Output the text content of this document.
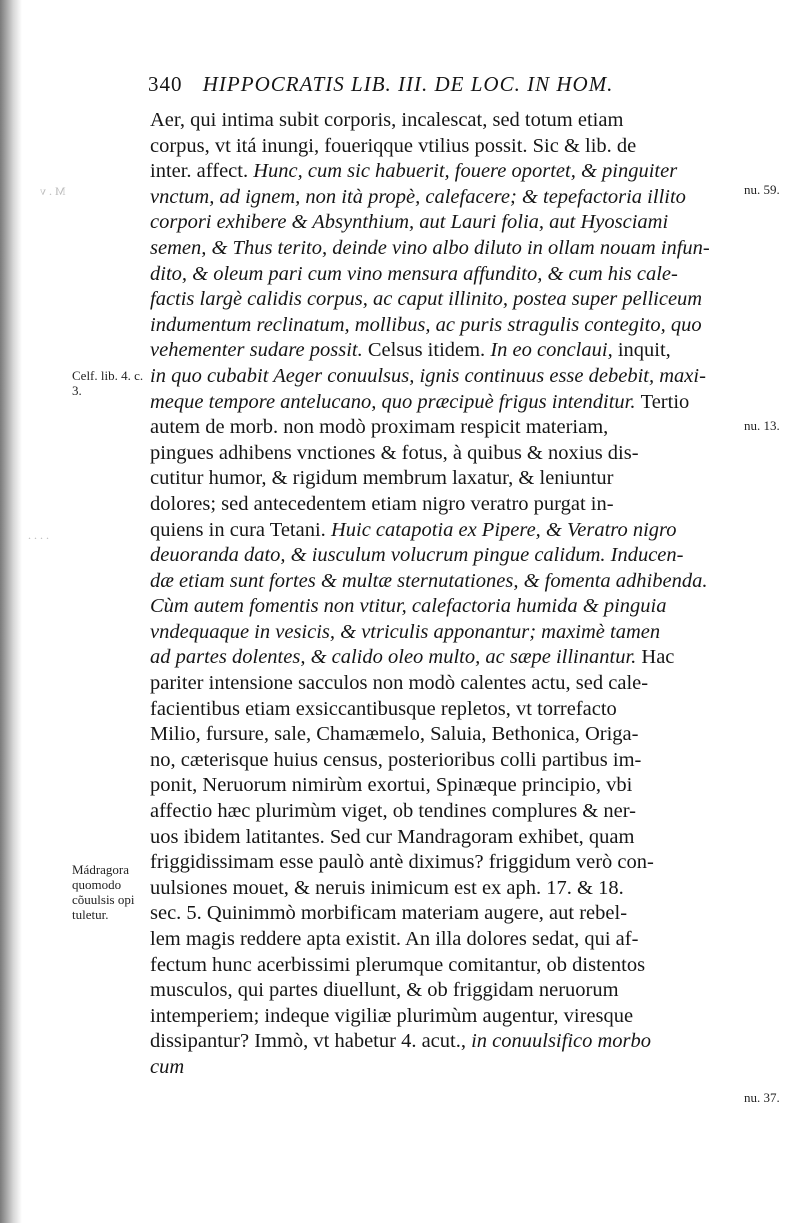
340 HIPPOCRATIS LIB. III. DE LOC. IN HOM.
Aer, qui intima subit corporis, incalescat, sed totum etiam
corpus, vt itá inungi, foueriqque vtilius possit. Sic & lib. de
inter. affect. Hunc, cum sic habuerit, fouere oportet, & pinguiter
vnctum, ad ignem, non ità propè, calefacere; & tepefactoria illito
corpori exhibere & Absynthium, aut Lauri folia, aut Hyosciami
semen, & Thus terito, deinde vino albo diluto in ollam nouam infun-
dito, & oleum pari cum vino mensura affundito, & cum his cale-
factis largè calidis corpus, ac caput illinito, postea super pelliceum
indumentum reclinatum, mollibus, ac puris stragulis contegito, quo
vehementer sudare possit. Celsus itidem. In eo conclaui, inquit,
in quo cubabit Aeger conuulsus, ignis continuus esse debebit, maxi-
meque tempore antelucano, quo præcipuè frigus intenditur. Tertio
autem de morb. non modò proximam respicit materiam,
pingues adhibens vnctiones & fotus, à quibus & noxius dis-
cutitur humor, & rigidum membrum laxatur, & leniuntur
dolores; sed antecedentem etiam nigro veratro purgat in-
quiens in cura Tetani. Huic catapotia ex Pipere, & Veratro nigro
deuoranda dato, & iusculum volucrum pingue calidum. Inducen-
dæ etiam sunt fortes & multæ sternutationes, & fomenta adhibenda.
Cùm autem fomentis non vtitur, calefactoria humida & pinguia
vndequaque in vesicis, & vtriculis apponantur; maximè tamen
ad partes dolentes, & calido oleo multo, ac sæpe illinantur. Hac
pariter intensione sacculos non modò calentes actu, sed cale-
facientibus etiam exsiccantibusque repletos, vt torrefacto
Milio, fursure, sale, Chamæmelo, Saluia, Bethonica, Origa-
no, cæterisque huius census, posterioribus colli partibus im-
ponit, Neruorum nimirùm exortui, Spinæque principio, vbi
affectio hæc plurimùm viget, ob tendines complures & ner-
uos ibidem latitantes. Sed cur Mandragoram exhibet, quam
friggidissimam esse paulò antè diximus? friggidum verò con-
uulsiones mouet, & neruis inimicum est ex aph. 17. & 18.
sec. 5. Quinimmò morbificam materiam augere, aut rebel-
lem magis reddere apta existit. An illa dolores sedat, qui af-
fectum hunc acerbissimi plerumque comitantur, ob distentos
musculos, qui partes diuellunt, & ob friggidam neruorum
intemperiem; indeque vigiliæ plurimùm augentur, viresque
dissipantur? Immò, vt habetur 4. acut., in conuulsifico morbo
cum
Celf. lib. 4. c. 3.
Mádragora quomodo cõuulsis opi tuletur.
nu. 59.
nu. 13.
nu. 37.
M . v
. . . .
